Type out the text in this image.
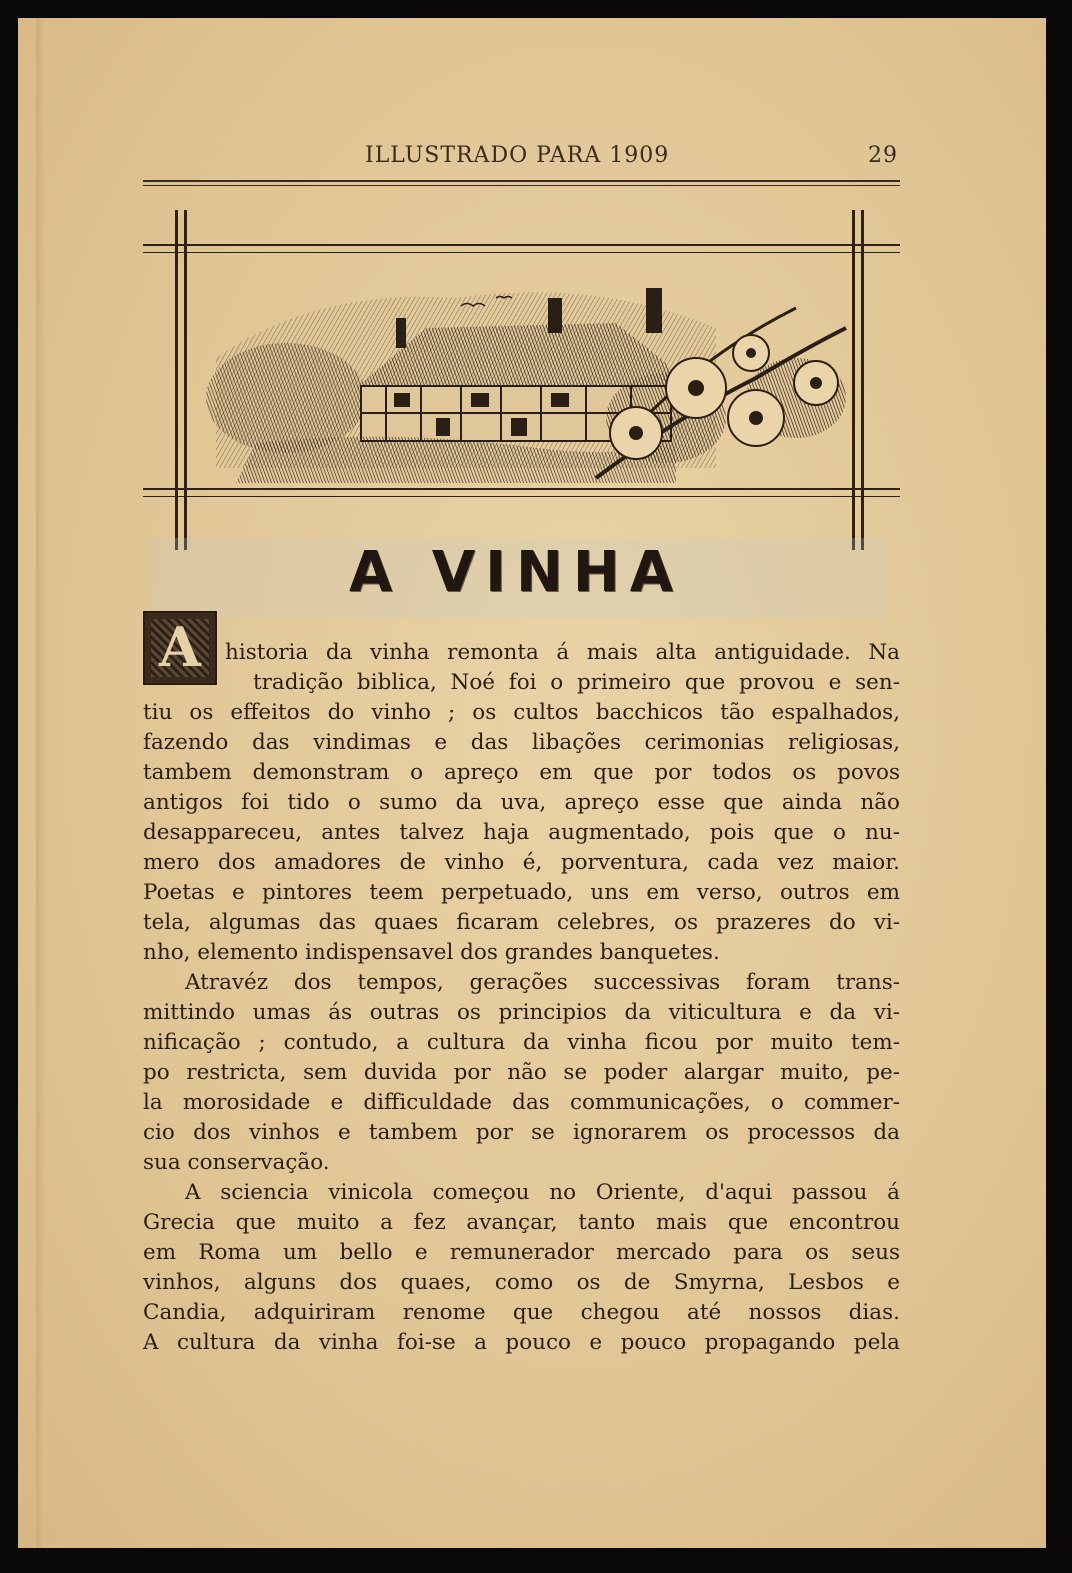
ILLUSTRADO PARA 1909	29
A VINHA
A	historia da vinha remonta á mais alta antiguidade. Na
tradição biblica, Noé foi o primeiro que provou e sen-
tiu os effeitos do vinho ; os cultos bacchicos tão espalhados,
fazendo das vindimas e das libações cerimonias religiosas,
tambem demonstram o apreço em que por todos os povos
antigos foi tido o sumo da uva, apreço esse que ainda não
desappareceu, antes talvez haja augmentado, pois que o nu-
mero dos amadores de vinho é, porventura, cada vez maior.
Poetas e pintores teem perpetuado, uns em verso, outros em
tela, algumas das quaes ficaram celebres, os prazeres do vi-
nho, elemento indispensavel dos grandes banquetes.
Atravéz dos tempos, gerações successivas foram trans-
mittindo umas ás outras os principios da viticultura e da vi-
nificação ; contudo, a cultura da vinha ficou por muito tem-
po restricta, sem duvida por não se poder alargar muito, pe-
la morosidade e difficuldade das communicações, o commer-
cio dos vinhos e tambem por se ignorarem os processos da
sua conservação.
A sciencia vinicola começou no Oriente, d'aqui passou á
Grecia que muito a fez avançar, tanto mais que encontrou
em Roma um bello e remunerador mercado para os seus
vinhos, alguns dos quaes, como os de Smyrna, Lesbos e
Candia, adquiriram renome que chegou até nossos dias.
A cultura da vinha foi-se a pouco e pouco propagando pela
